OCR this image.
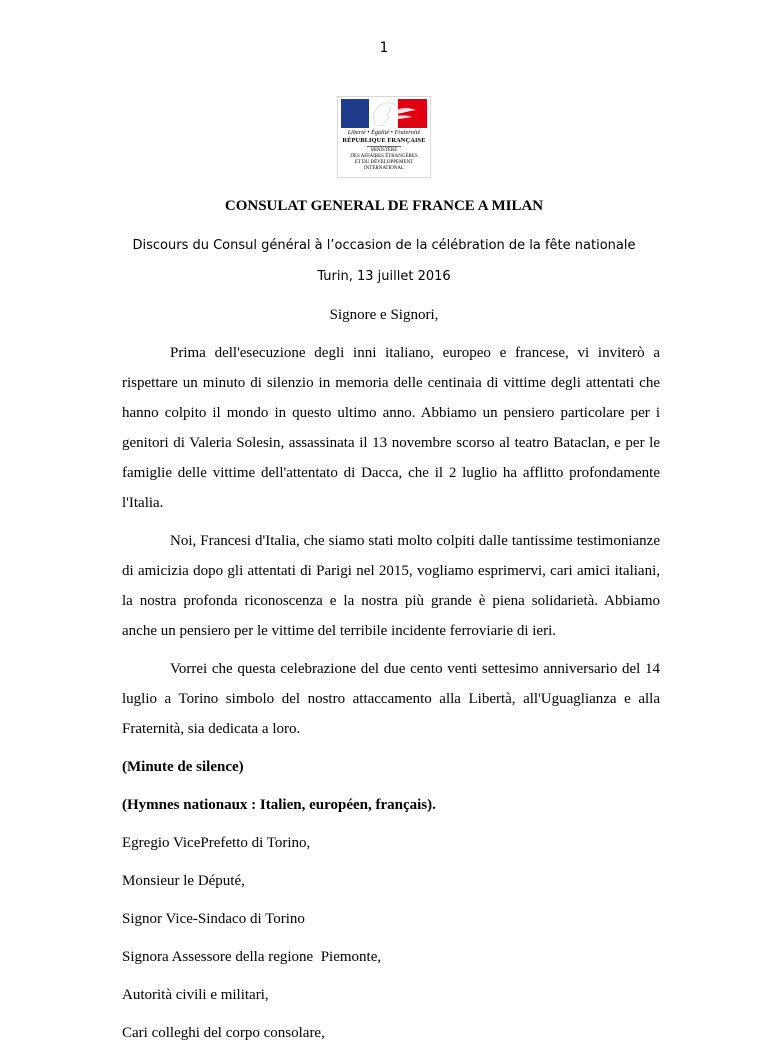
1
Liberté • Égalité • Fraternité
RÉPUBLIQUE FRANÇAISE
MINISTÈRE
DES AFFAIRES ÉTRANGÈRES
ET DU DÉVELOPPEMENT
INTERNATIONAL
CONSULAT GENERAL DE FRANCE A MILAN
Discours du Consul général à l’occasion de la célébration de la fête nationale
Turin, 13 juillet 2016
Signore e Signori,

Prima dell'esecuzione degli inni italiano, europeo e francese, vi inviterò a rispettare un minuto di silenzio in memoria delle centinaia di vittime degli attentati che hanno colpito il mondo in questo ultimo anno. Abbiamo un pensiero particolare per i genitori di Valeria Solesin, assassinata il 13 novembre scorso al teatro Bataclan, e per le famiglie delle vittime dell'attentato di Dacca, che il 2 luglio ha afflitto profondamente l'Italia.

Noi, Francesi d'Italia, che siamo stati molto colpiti dalle tantissime testimonianze di amicizia dopo gli attentati di Parigi nel 2015, vogliamo esprimervi, cari amici italiani, la nostra profonda riconoscenza e la nostra più grande è piena solidarietà. Abbiamo anche un pensiero per le vittime del terribile incidente ferroviarie di ieri.

Vorrei che questa celebrazione del due cento venti settesimo anniversario del 14 luglio a Torino simbolo del nostro attaccamento alla Libertà, all'Uguaglianza e alla Fraternità, sia dedicata a loro.

(Minute de silence)
(Hymnes nationaux : Italien, européen, français).
Egregio VicePrefetto di Torino,
Monsieur le Député,
Signor Vice-Sindaco di Torino
Signora Assessore della regione  Piemonte,
Autorità civili e militari,
Cari colleghi del corpo consolare,
